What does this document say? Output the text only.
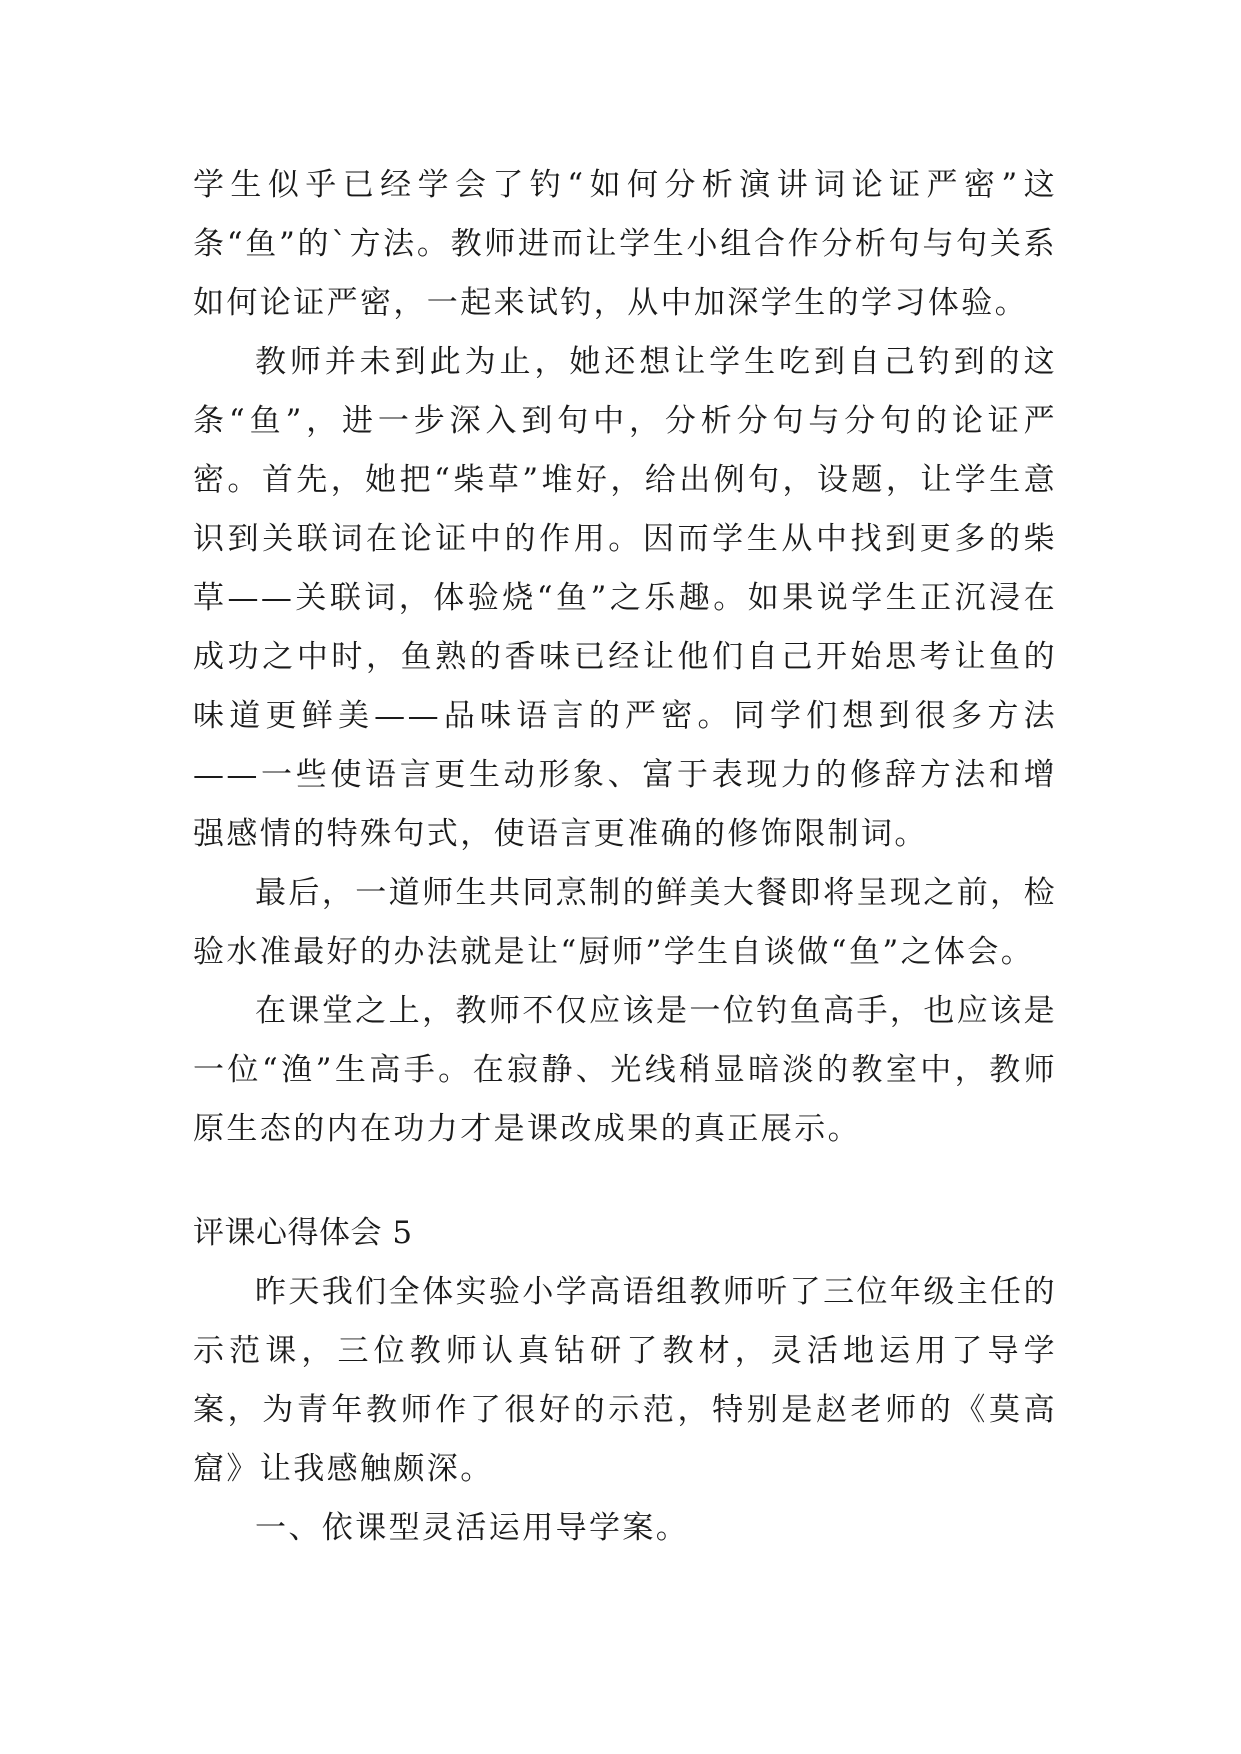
学生似乎已经学会了钓“如何分析演讲词论证严密”这条“鱼”的`方法。教师进而让学生小组合作分析句与句关系如何论证严密，一起来试钓，从中加深学生的学习体验。

教师并未到此为止，她还想让学生吃到自己钓到的这条“鱼”，进一步深入到句中，分析分句与分句的论证严密。首先，她把“柴草”堆好，给出例句，设题，让学生意识到关联词在论证中的作用。因而学生从中找到更多的柴草——关联词，体验烧“鱼”之乐趣。如果说学生正沉浸在成功之中时，鱼熟的香味已经让他们自己开始思考让鱼的味道更鲜美——品味语言的严密。同学们想到很多方法——一些使语言更生动形象、富于表现力的修辞方法和增强感情的特殊句式，使语言更准确的修饰限制词。

最后，一道师生共同烹制的鲜美大餐即将呈现之前，检验水准最好的办法就是让“厨师”学生自谈做“鱼”之体会。

在课堂之上，教师不仅应该是一位钓鱼高手，也应该是一位“渔”生高手。在寂静、光线稍显暗淡的教室中，教师原生态的内在功力才是课改成果的真正展示。

评课心得体会 5

昨天我们全体实验小学高语组教师听了三位年级主任的示范课，三位教师认真钻研了教材，灵活地运用了导学案，为青年教师作了很好的示范，特别是赵老师的《莫高窟》让我感触颇深。

一、依课型灵活运用导学案。
